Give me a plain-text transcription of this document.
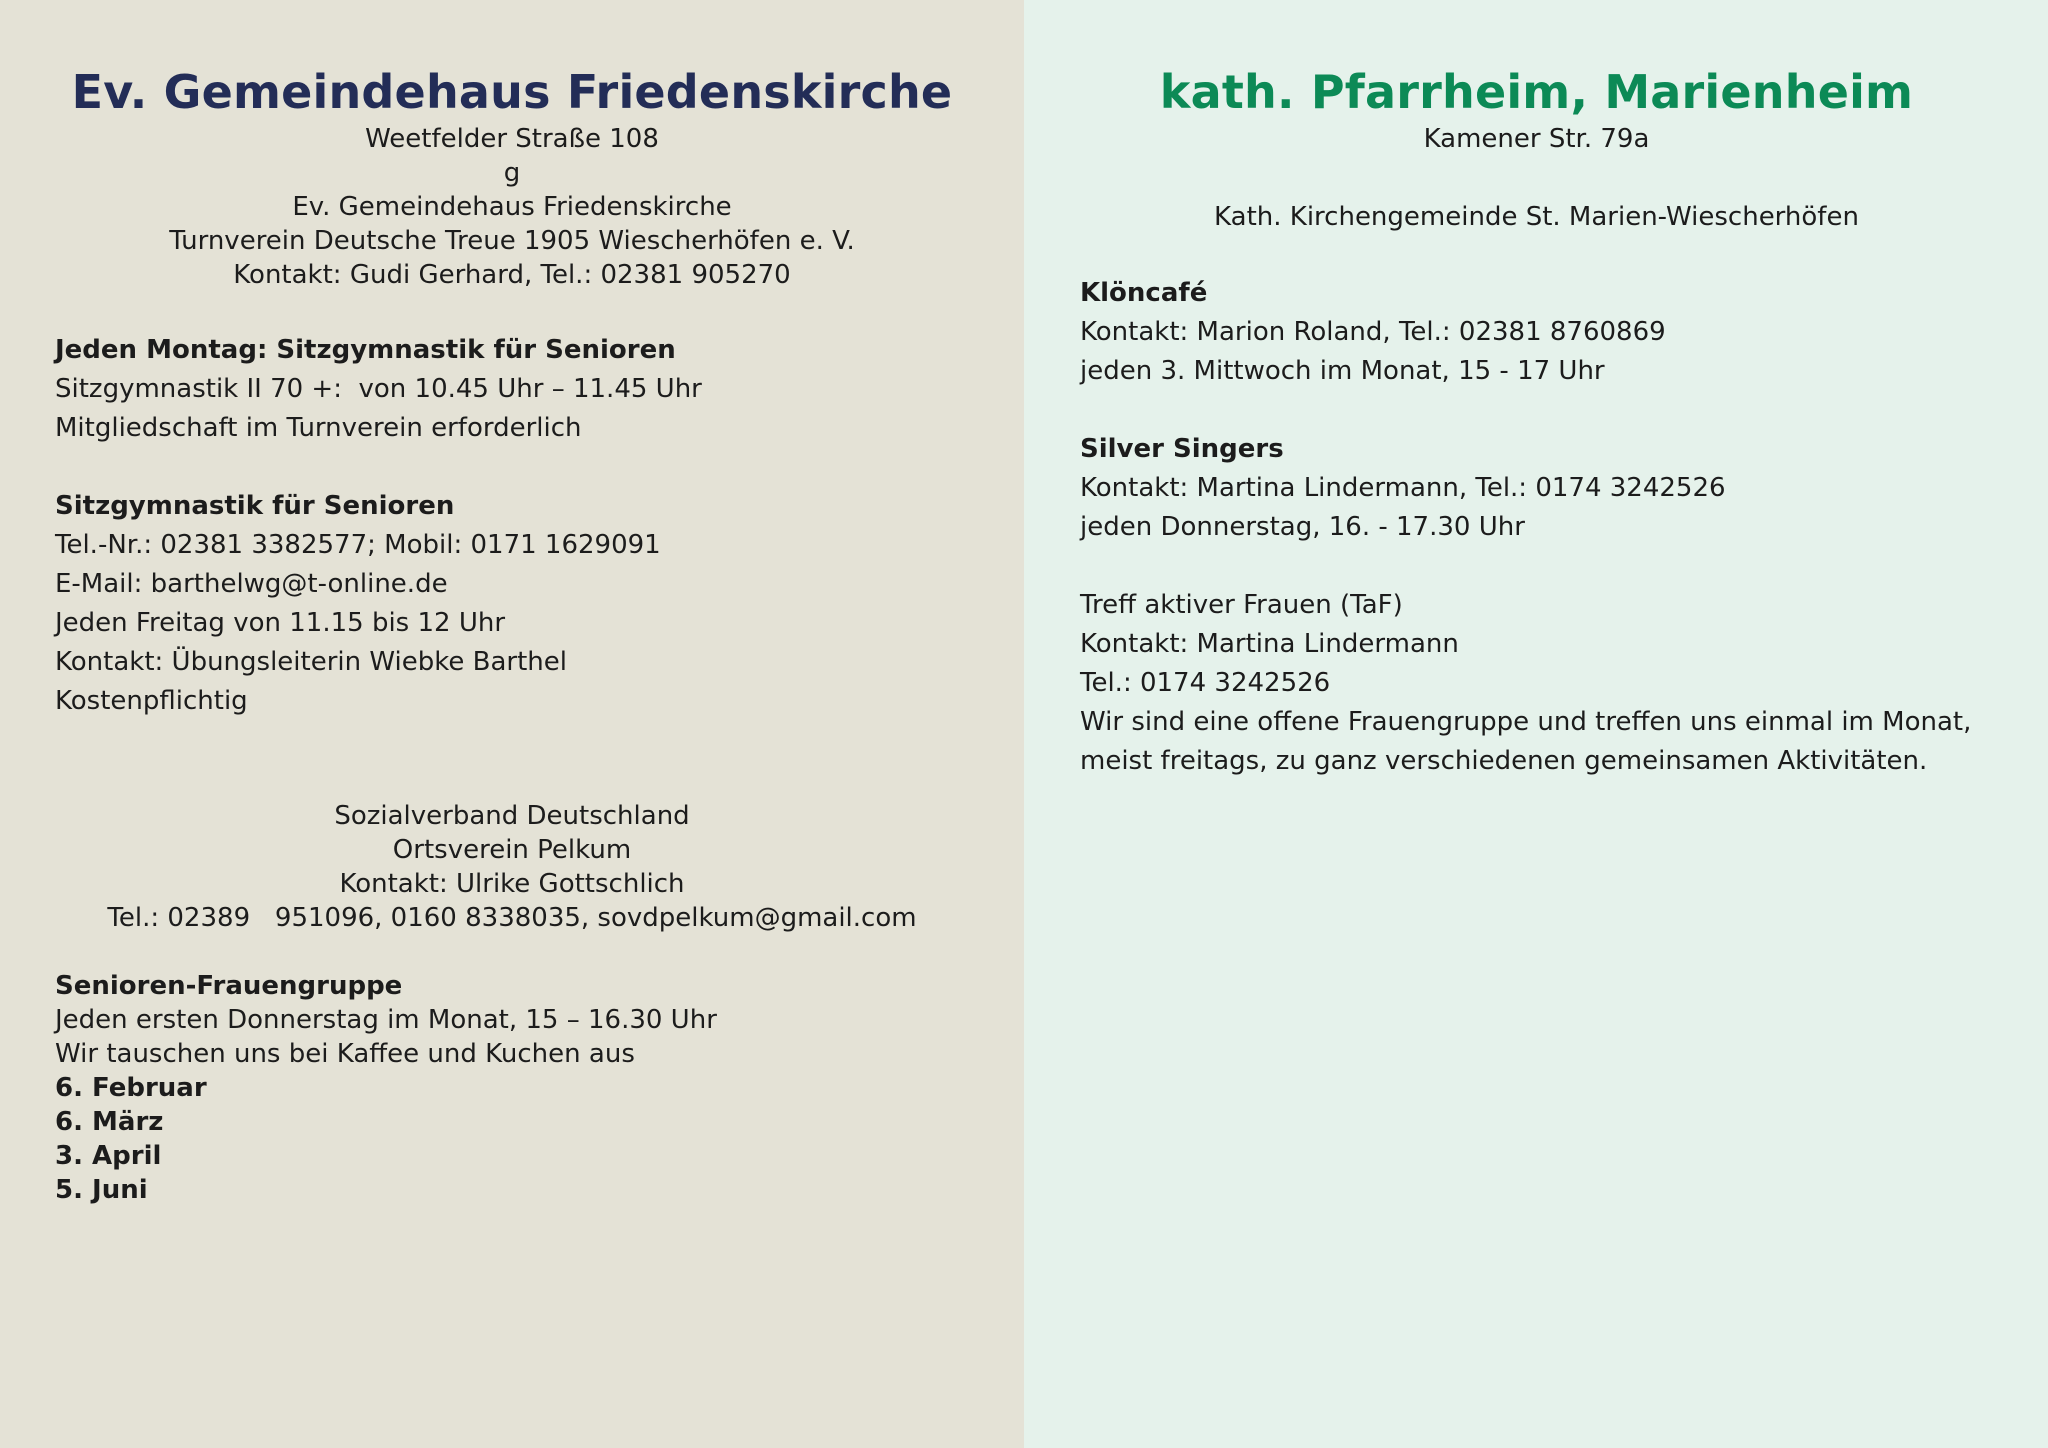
Ev. Gemeindehaus Friedenskirche
Weetfelder Straße 108
g
Ev. Gemeindehaus Friedenskirche
Turnverein Deutsche Treue 1905 Wiescherhöfen e. V.
Kontakt: Gudi Gerhard, Tel.: 02381 905270
Jeden Montag: Sitzgymnastik für Senioren
Sitzgymnastik II 70 +:  von 10.45 Uhr – 11.45 Uhr
Mitgliedschaft im Turnverein erforderlich
Sitzgymnastik für Senioren
Tel.-Nr.: 02381 3382577; Mobil: 0171 1629091
E-Mail: barthelwg@t-online.de
Jeden Freitag von 11.15 bis 12 Uhr
Kontakt: Übungsleiterin Wiebke Barthel
Kostenpflichtig
Sozialverband Deutschland
Ortsverein Pelkum
Kontakt: Ulrike Gottschlich
Tel.: 02389   951096, 0160 8338035, sovdpelkum@gmail.com
Senioren-Frauengruppe
Jeden ersten Donnerstag im Monat, 15 – 16.30 Uhr
Wir tauschen uns bei Kaffee und Kuchen aus
6. Februar
6. März
3. April
5. Juni
kath. Pfarrheim, Marienheim
Kamener Str. 79a
Kath. Kirchengemeinde St. Marien-Wiescherhöfen
Klöncafé
Kontakt: Marion Roland, Tel.: 02381 8760869
jeden 3. Mittwoch im Monat, 15 - 17 Uhr
Silver Singers
Kontakt: Martina Lindermann, Tel.: 0174 3242526
jeden Donnerstag, 16. - 17.30 Uhr
Treff aktiver Frauen (TaF)
Kontakt: Martina Lindermann
Tel.: 0174 3242526
Wir sind eine offene Frauengruppe und treffen uns einmal im Monat,
meist freitags, zu ganz verschiedenen gemeinsamen Aktivitäten.
